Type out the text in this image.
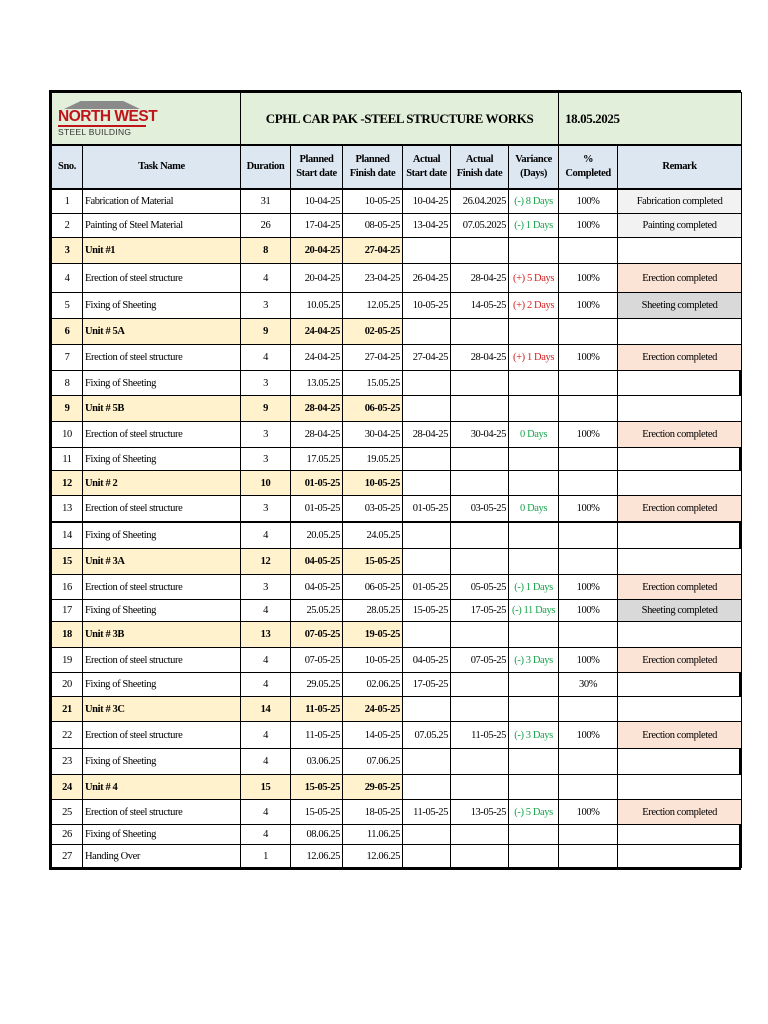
NORTH WEST
STEEL BUILDING		CPHL CAR PAK -STEEL STRUCTURE WORKS						18.05.2025	
Sno.	Task Name	Duration	Planned Start date	Planned Finish date	Actual Start date	Actual Finish date	Variance (Days)	% Completed	Remark
1	Fabrication of Material	31	10-04-25	10-05-25	10-04-25	26.04.2025	(-) 8 Days	100%	Fabrication completed
2	Painting of Steel Material	26	17-04-25	08-05-25	13-04-25	07.05.2025	(-) 1 Days	100%	Painting completed
3	Unit #1	8	20-04-25	27-04-25					
4	Erection of steel structure	4	20-04-25	23-04-25	26-04-25	28-04-25	(+) 5 Days	100%	Erection completed
5	Fixing of Sheeting	3	10.05.25	12.05.25	10-05-25	14-05-25	(+) 2 Days	100%	Sheeting completed
6	Unit # 5A	9	24-04-25	02-05-25					
7	Erection of steel structure	4	24-04-25	27-04-25	27-04-25	28-04-25	(+) 1 Days	100%	Erection completed
8	Fixing of Sheeting	3	13.05.25	15.05.25					
9	Unit # 5B	9	28-04-25	06-05-25					
10	Erection of steel structure	3	28-04-25	30-04-25	28-04-25	30-04-25	0 Days	100%	Erection completed
11	Fixing of Sheeting	3	17.05.25	19.05.25					
12	Unit # 2	10	01-05-25	10-05-25					
13	Erection of steel structure	3	01-05-25	03-05-25	01-05-25	03-05-25	0 Days	100%	Erection completed
14	Fixing of Sheeting	4	20.05.25	24.05.25					
15	Unit # 3A	12	04-05-25	15-05-25					
16	Erection of steel structure	3	04-05-25	06-05-25	01-05-25	05-05-25	(-) 1 Days	100%	Erection completed
17	Fixing of Sheeting	4	25.05.25	28.05.25	15-05-25	17-05-25	(-) 11 Days	100%	Sheeting completed
18	Unit # 3B	13	07-05-25	19-05-25					
19	Erection of steel structure	4	07-05-25	10-05-25	04-05-25	07-05-25	(-) 3 Days	100%	Erection completed
20	Fixing of Sheeting	4	29.05.25	02.06.25	17-05-25			30%	
21	Unit # 3C	14	11-05-25	24-05-25					
22	Erection of steel structure	4	11-05-25	14-05-25	07.05.25	11-05-25	(-) 3 Days	100%	Erection completed
23	Fixing of Sheeting	4	03.06.25	07.06.25					
24	Unit # 4	15	15-05-25	29-05-25					
25	Erection of steel structure	4	15-05-25	18-05-25	11-05-25	13-05-25	(-) 5 Days	100%	Erection completed
26	Fixing of Sheeting	4	08.06.25	11.06.25					
27	Handing Over	1	12.06.25	12.06.25					
